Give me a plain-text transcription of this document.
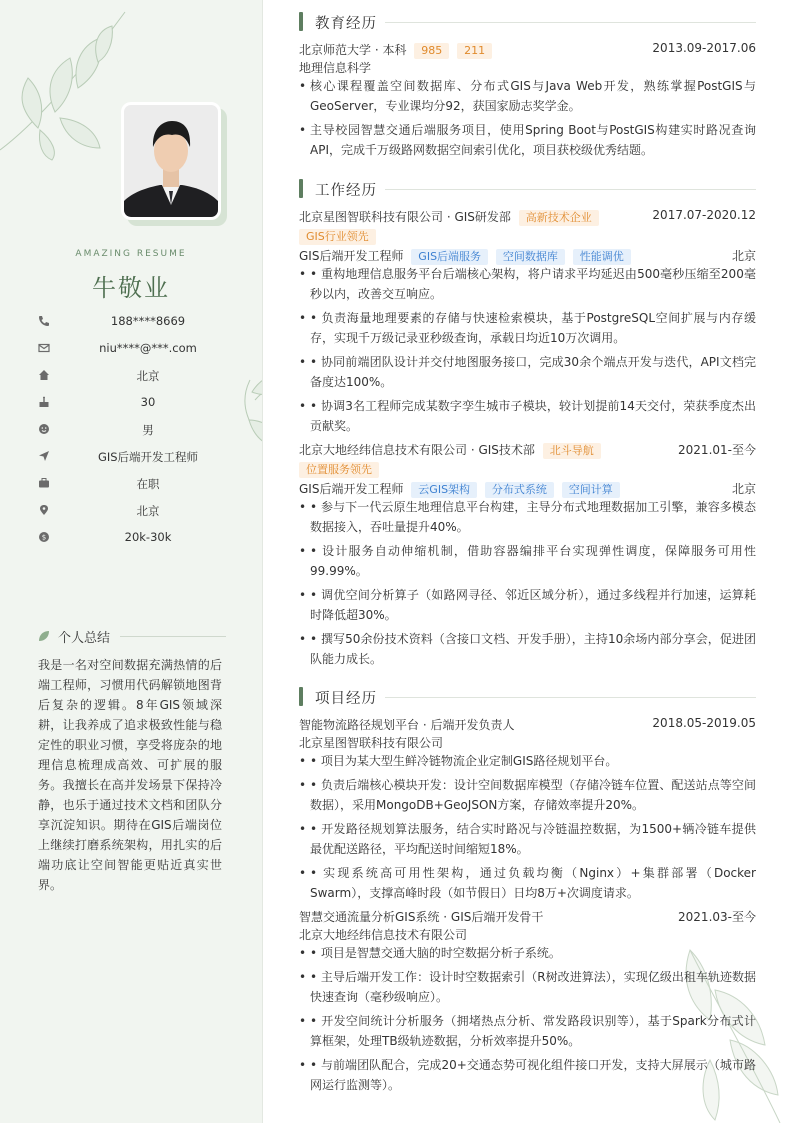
AMAZING RESUME
牛敬业
188****8669
niu****@***.com
北京
30
男
GIS后端开发工程师
在职
北京
$	20k-30k
个人总结
我是一名对空间数据充满热情的后端工程师，习惯用代码解锁地图背后复杂的逻辑。8年GIS领域深耕，让我养成了追求极致性能与稳定性的职业习惯，享受将庞杂的地理信息梳理成高效、可扩展的服务。我擅长在高并发场景下保持冷静，也乐于通过技术文档和团队分享沉淀知识。期待在GIS后端岗位上继续打磨系统架构，用扎实的后端功底让空间智能更贴近真实世界。
教育经历
北京师范大学 · 本科 985 211	2013.09-2017.06
地理信息科学
• 核心课程覆盖空间数据库、分布式GIS与Java Web开发，熟练掌握PostGIS与GeoServer，专业课均分92，获国家励志奖学金。
• 主导校园智慧交通后端服务项目，使用Spring Boot与PostGIS构建实时路况查询API，完成千万级路网数据空间索引优化，项目获校级优秀结题。
工作经历
北京星图智联科技有限公司 · GIS研发部 高新技术企业	2017.07-2020.12
GIS行业领先
GIS后端开发工程师 GIS后端服务 空间数据库 性能调优	北京
• • 重构地理信息服务平台后端核心架构，将户请求平均延迟由500毫秒压缩至200毫秒以内，改善交互响应。
• • 负责海量地理要素的存储与快速检索模块，基于PostgreSQL空间扩展与内存缓存，实现千万级记录亚秒级查询，承载日均近10万次调用。
• • 协同前端团队设计并交付地图服务接口，完成30余个端点开发与迭代，API文档完备度达100%。
• • 协调3名工程师完成某数字孪生城市子模块，较计划提前14天交付，荣获季度杰出贡献奖。
北京大地经纬信息技术有限公司 · GIS技术部 北斗导航	2021.01-至今
位置服务领先
GIS后端开发工程师 云GIS架构 分布式系统 空间计算	北京
• • 参与下一代云原生地理信息平台构建，主导分布式地理数据加工引擎，兼容多模态数据接入，吞吐量提升40%。
• • 设计服务自动伸缩机制，借助容器编排平台实现弹性调度，保障服务可用性99.99%。
• • 调优空间分析算子（如路网寻径、邻近区域分析），通过多线程并行加速，运算耗时降低超30%。
• • 撰写50余份技术资料（含接口文档、开发手册），主持10余场内部分享会，促进团队能力成长。
项目经历
智能物流路径规划平台 · 后端开发负责人	2018.05-2019.05
北京星图智联科技有限公司
• • 项目为某大型生鲜冷链物流企业定制GIS路径规划平台。
• • 负责后端核心模块开发：设计空间数据库模型（存储冷链车位置、配送站点等空间数据），采用MongoDB+GeoJSON方案，存储效率提升20%。
• • 开发路径规划算法服务，结合实时路况与冷链温控数据，为1500+辆冷链车提供最优配送路径，平均配送时间缩短18%。
• • 实现系统高可用性架构，通过负载均衡（Nginx）+集群部署（Docker Swarm），支撑高峰时段（如节假日）日均8万+次调度请求。
智慧交通流量分析GIS系统 · GIS后端开发骨干	2021.03-至今
北京大地经纬信息技术有限公司
• • 项目是智慧交通大脑的时空数据分析子系统。
• • 主导后端开发工作：设计时空数据索引（R树改进算法），实现亿级出租车轨迹数据快速查询（毫秒级响应）。
• • 开发空间统计分析服务（拥堵热点分析、常发路段识别等），基于Spark分布式计算框架，处理TB级轨迹数据，分析效率提升50%。
• • 与前端团队配合，完成20+交通态势可视化组件接口开发，支持大屏展示（城市路网运行监测等）。
